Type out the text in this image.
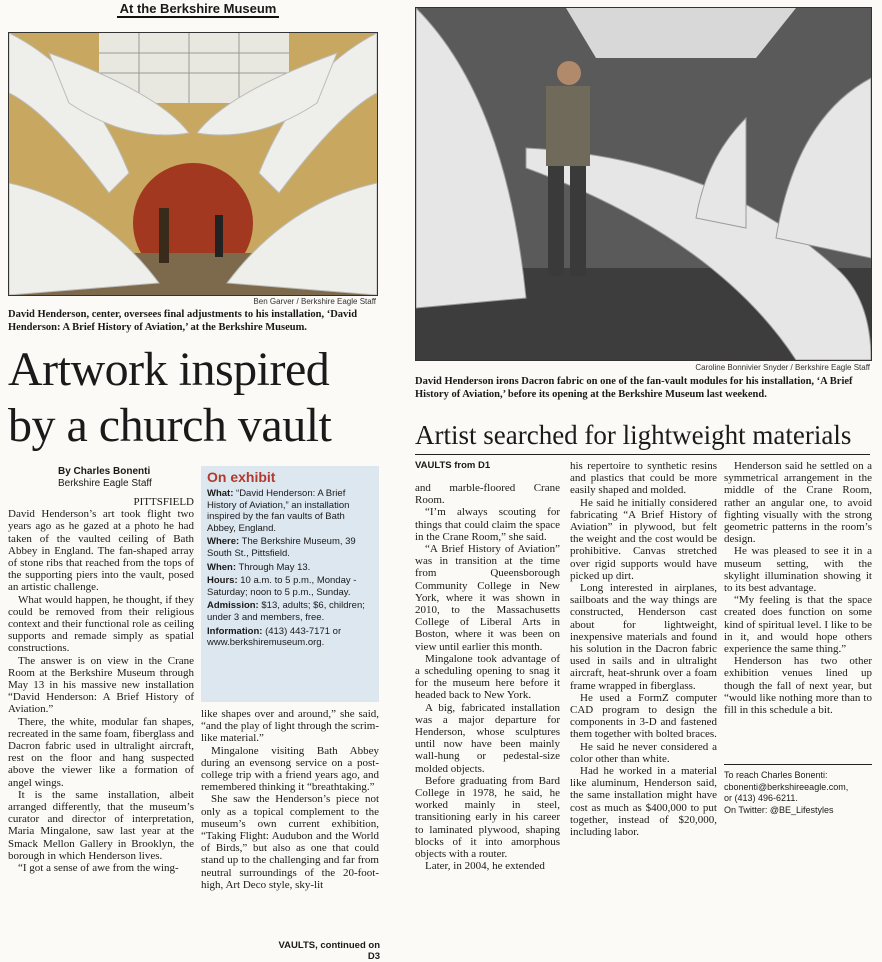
At the Berkshire Museum
Ben Garver / Berkshire Eagle Staff
David Henderson, center, oversees final adjustments to his installation, ‘David Henderson: A Brief History of Aviation,’ at the Berkshire Museum.
Artwork inspired
by a church vault
By Charles Bonenti
Berkshire Eagle Staff
PITTSFIELD

David Henderson’s art took flight two years ago as he gazed at a photo he had taken of the vaulted ceiling of Bath Abbey in England. The fan-shaped array of stone ribs that reached from the tops of the supporting piers into the vault, posed an artistic challenge.

What would happen, he thought, if they could be removed from their religious context and their functional role as ceiling supports and remade simply as spatial constructions.

The answer is on view in the Crane Room at the Berkshire Museum through May 13 in his massive new installation “David Henderson: A Brief History of Aviation.”

There, the white, modular fan shapes, recreated in the same foam, fiberglass and Dacron fabric used in ultralight aircraft, rest on the floor and hang suspected above the viewer like a formation of angel wings.

It is the same installation, albeit arranged differently, that the museum’s curator and director of interpretation, Maria Mingalone, saw last year at the Smack Mellon Gallery in Brooklyn, the borough in which Henderson lives.

“I got a sense of awe from the wing-

On exhibit

What: “David Henderson: A Brief History of Aviation,” an installation inspired by the fan vaults of Bath Abbey, England.

Where: The Berkshire Museum, 39 South St., Pittsfield.

When: Through May 13.

Hours: 10 a.m. to 5 p.m., Monday - Saturday; noon to 5 p.m., Sunday.

Admission: $13, adults; $6, children; under 3 and members, free.

Information: (413) 443-7171 or www.berkshiremuseum.org.

like shapes over and around,” she said, “and the play of light through the scrim-like material.”

Mingalone visiting Bath Abbey during an evensong service on a post-college trip with a friend years ago, and remembered thinking it “breathtaking.”

She saw the Henderson’s piece not only as a topical complement to the museum’s own current exhibition, “Taking Flight: Audubon and the World of Birds,” but also as one that could stand up to the challenging and far from neutral surroundings of the 20-foot-high, Art Deco style, sky-lit

VAULTS, continued on D3
Caroline Bonnivier Snyder / Berkshire Eagle Staff
David Henderson irons Dacron fabric on one of the fan-vault modules for his installation, ‘A Brief History of Aviation,’ before its opening at the Berkshire Museum last weekend.
Artist searched for lightweight materials
VAULTS from D1

and marble-floored Crane Room.

“I’m always scouting for things that could claim the space in the Crane Room,” she said.

“A Brief History of Aviation” was in transition at the time from Queensborough Community College in New York, where it was shown in 2010, to the Massachusetts College of Liberal Arts in Boston, where it was been on view until earlier this month.

Mingalone took advantage of a scheduling opening to snag it for the museum here before it headed back to New York.

A big, fabricated installation was a major departure for Henderson, whose sculptures until now have been mainly wall-hung or pedestal-size molded objects.

Before graduating from Bard College in 1978, he said, he worked mainly in steel, transitioning early in his career to laminated plywood, shaping blocks of it into amorphous objects with a router.

Later, in 2004, he extended

his repertoire to synthetic resins and plastics that could be more easily shaped and molded.

He said he initially considered fabricating “A Brief History of Aviation” in plywood, but felt the weight and the cost would be prohibitive. Canvas stretched over rigid supports would have picked up dirt.

Long interested in airplanes, sailboats and the way things are constructed, Henderson cast about for lightweight, inexpensive materials and found his solution in the Dacron fabric used in sails and in ultralight aircraft, heat-shrunk over a foam frame wrapped in fiberglass.

He used a FormZ computer CAD program to design the components in 3-D and fastened them together with bolted braces.

He said he never considered a color other than white.

Had he worked in a material like aluminum, Henderson said, the same installation might have cost as much as $400,000 to put together, instead of $20,000, including labor.

Henderson said he settled on a symmetrical arrangement in the middle of the Crane Room, rather an angular one, to avoid fighting visually with the strong geometric patterns in the room’s design.

He was pleased to see it in a museum setting, with the skylight illumination showing it to its best advantage.

“My feeling is that the space created does function on some kind of spiritual level. I like to be in it, and would hope others experience the same thing.”

Henderson has two other exhibition venues lined up though the fall of next year, but “would like nothing more than to fill in this schedule a bit.

To reach Charles Bonenti:
cbonenti@berkshireeagle.com,
or (413) 496-6211.
On Twitter: @BE_Lifestyles
